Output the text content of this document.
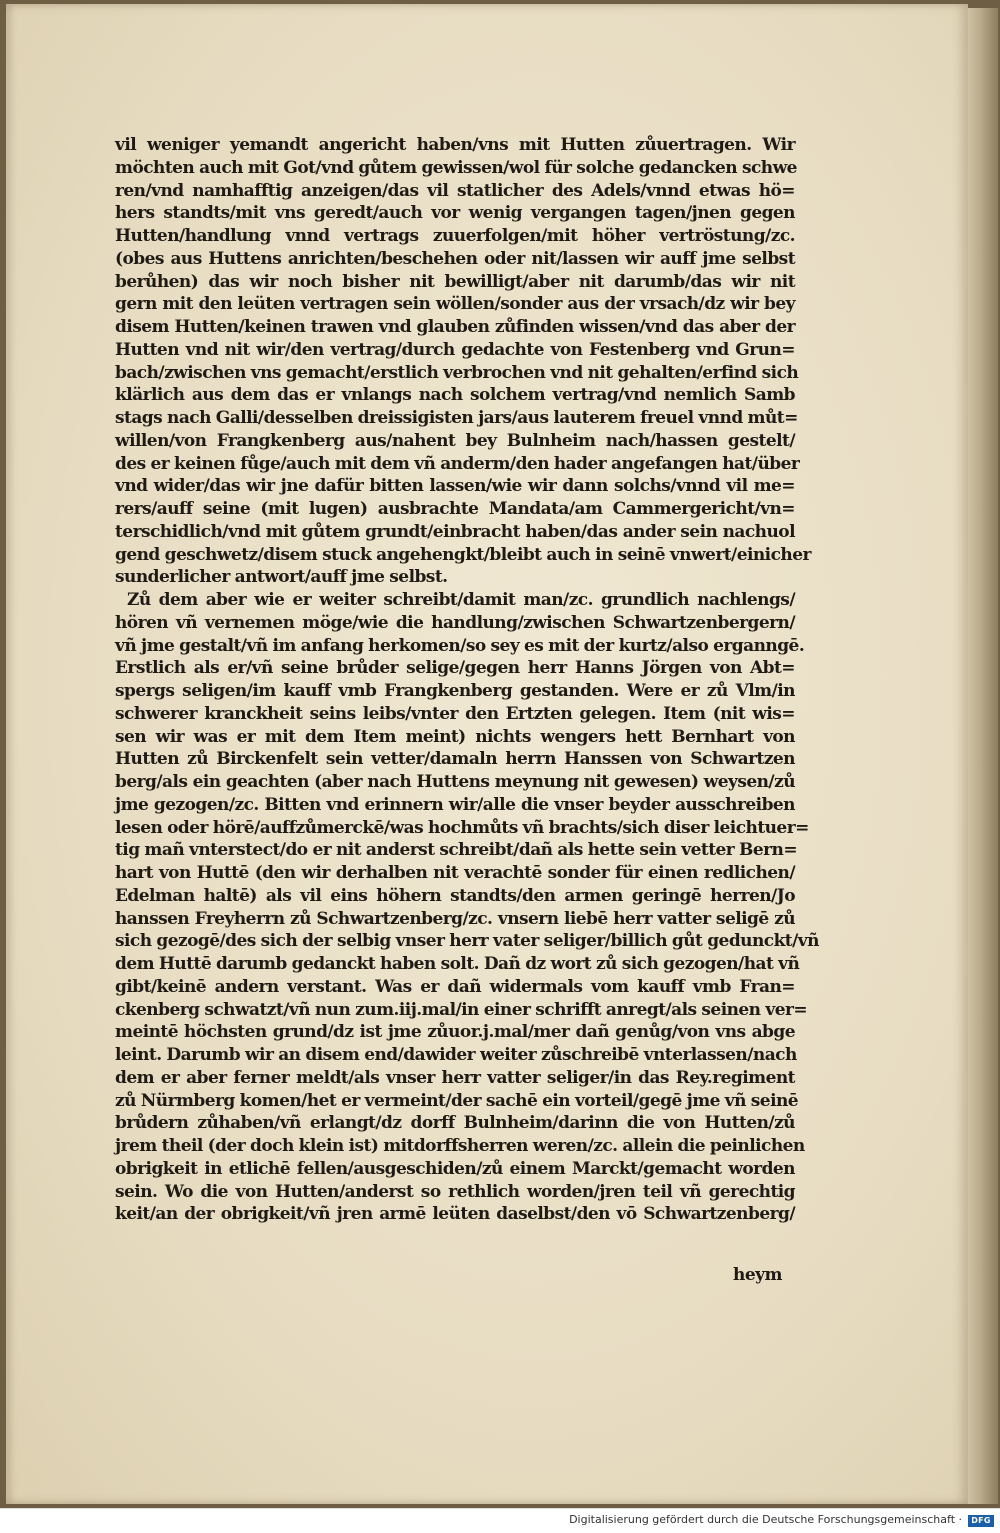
vil weniger yemandt angericht haben/vns mit Hutten zůuertragen. Wir
möchten auch mit Got/vnd gůtem gewissen/wol für solche gedancken schwe
ren/vnd namhafftig anzeigen/das vil statlicher des Adels/vnnd etwas hö=
hers standts/mit vns geredt/auch vor wenig vergangen tagen/jnen gegen
Hutten/handlung vnnd vertrags zuuerfolgen/mit höher vertröstung/zc.
(obes aus Huttens anrichten/beschehen oder nit/lassen wir auff jme selbst
berůhen) das wir noch bisher nit bewilligt/aber nit darumb/das wir nit
gern mit den leüten vertragen sein wöllen/sonder aus der vrsach/dz wir bey
disem Hutten/keinen trawen vnd glauben zůfinden wissen/vnd das aber der
Hutten vnd nit wir/den vertrag/durch gedachte von Festenberg vnd Grun=
bach/zwischen vns gemacht/erstlich verbrochen vnd nit gehalten/erfind sich
klärlich aus dem das er vnlangs nach solchem vertrag/vnd nemlich Samb
stags nach Galli/desselben dreissigisten jars/aus lauterem freuel vnnd můt=
willen/von Frangkenberg aus/nahent bey Bulnheim nach/hassen gestelt/
des er keinen fůge/auch mit dem vñ anderm/den hader angefangen hat/über
vnd wider/das wir jne dafür bitten lassen/wie wir dann solchs/vnnd vil me=
rers/auff seine (mit lugen) ausbrachte Mandata/am Cammergericht/vn=
terschidlich/vnd mit gůtem grundt/einbracht haben/das ander sein nachuol
gend geschwetz/disem stuck angehengkt/bleibt auch in seinē vnwert/einicher
sunderlicher antwort/auff jme selbst.
Zů dem aber wie er weiter schreibt/damit man/zc. grundlich nachlengs/
hören vñ vernemen möge/wie die handlung/zwischen Schwartzenbergern/
vñ jme gestalt/vñ im anfang herkomen/so sey es mit der kurtz/also erganngē.
Erstlich als er/vñ seine brůder selige/gegen herr Hanns Jörgen von Abt=
spergs seligen/im kauff vmb Frangkenberg gestanden. Were er zů Vlm/in
schwerer kranckheit seins leibs/vnter den Ertzten gelegen. Item (nit wis=
sen wir was er mit dem Item meint) nichts wengers hett Bernhart von
Hutten zů Birckenfelt sein vetter/damaln herrn Hanssen von Schwartzen
berg/als ein geachten (aber nach Huttens meynung nit gewesen) weysen/zů
jme gezogen/zc. Bitten vnd erinnern wir/alle die vnser beyder ausschreiben
lesen oder hörē/auffzůmerckē/was hochmůts vñ brachts/sich diser leichtuer=
tig mañ vnterstect/do er nit anderst schreibt/dañ als hette sein vetter Bern=
hart von Huttē (den wir derhalben nit verachtē sonder für einen redlichen/
Edelman haltē) als vil eins höhern standts/den armen geringē herren/Jo
hanssen Freyherrn zů Schwartzenberg/zc. vnsern liebē herr vatter seligē zů
sich gezogē/des sich der selbig vnser herr vater seliger/billich gůt gedunckt/vñ
dem Huttē darumb gedanckt haben solt. Dañ dz wort zů sich gezogen/hat vñ
gibt/keinē andern verstant. Was er dañ widermals vom kauff vmb Fran=
ckenberg schwatzt/vñ nun zum.iij.mal/in einer schrifft anregt/als seinen ver=
meintē höchsten grund/dz ist jme zůuor.j.mal/mer dañ genůg/von vns abge
leint. Darumb wir an disem end/dawider weiter zůschreibē vnterlassen/nach
dem er aber ferner meldt/als vnser herr vatter seliger/in das Rey.regiment
zů Nürmberg komen/het er vermeint/der sachē ein vorteil/gegē jme vñ seinē
brůdern zůhaben/vñ erlangt/dz dorff Bulnheim/darinn die von Hutten/zů
jrem theil (der doch klein ist) mitdorffsherren weren/zc. allein die peinlichen
obrigkeit in etlichē fellen/ausgeschiden/zů einem Marckt/gemacht worden
sein. Wo die von Hutten/anderst so rethlich worden/jren teil vñ gerechtig
keit/an der obrigkeit/vñ jren armē leüten daselbst/den vō Schwartzenberg/
heym
Digitalisierung gefördert durch die Deutsche Forschungsgemeinschaft ·	DFG
